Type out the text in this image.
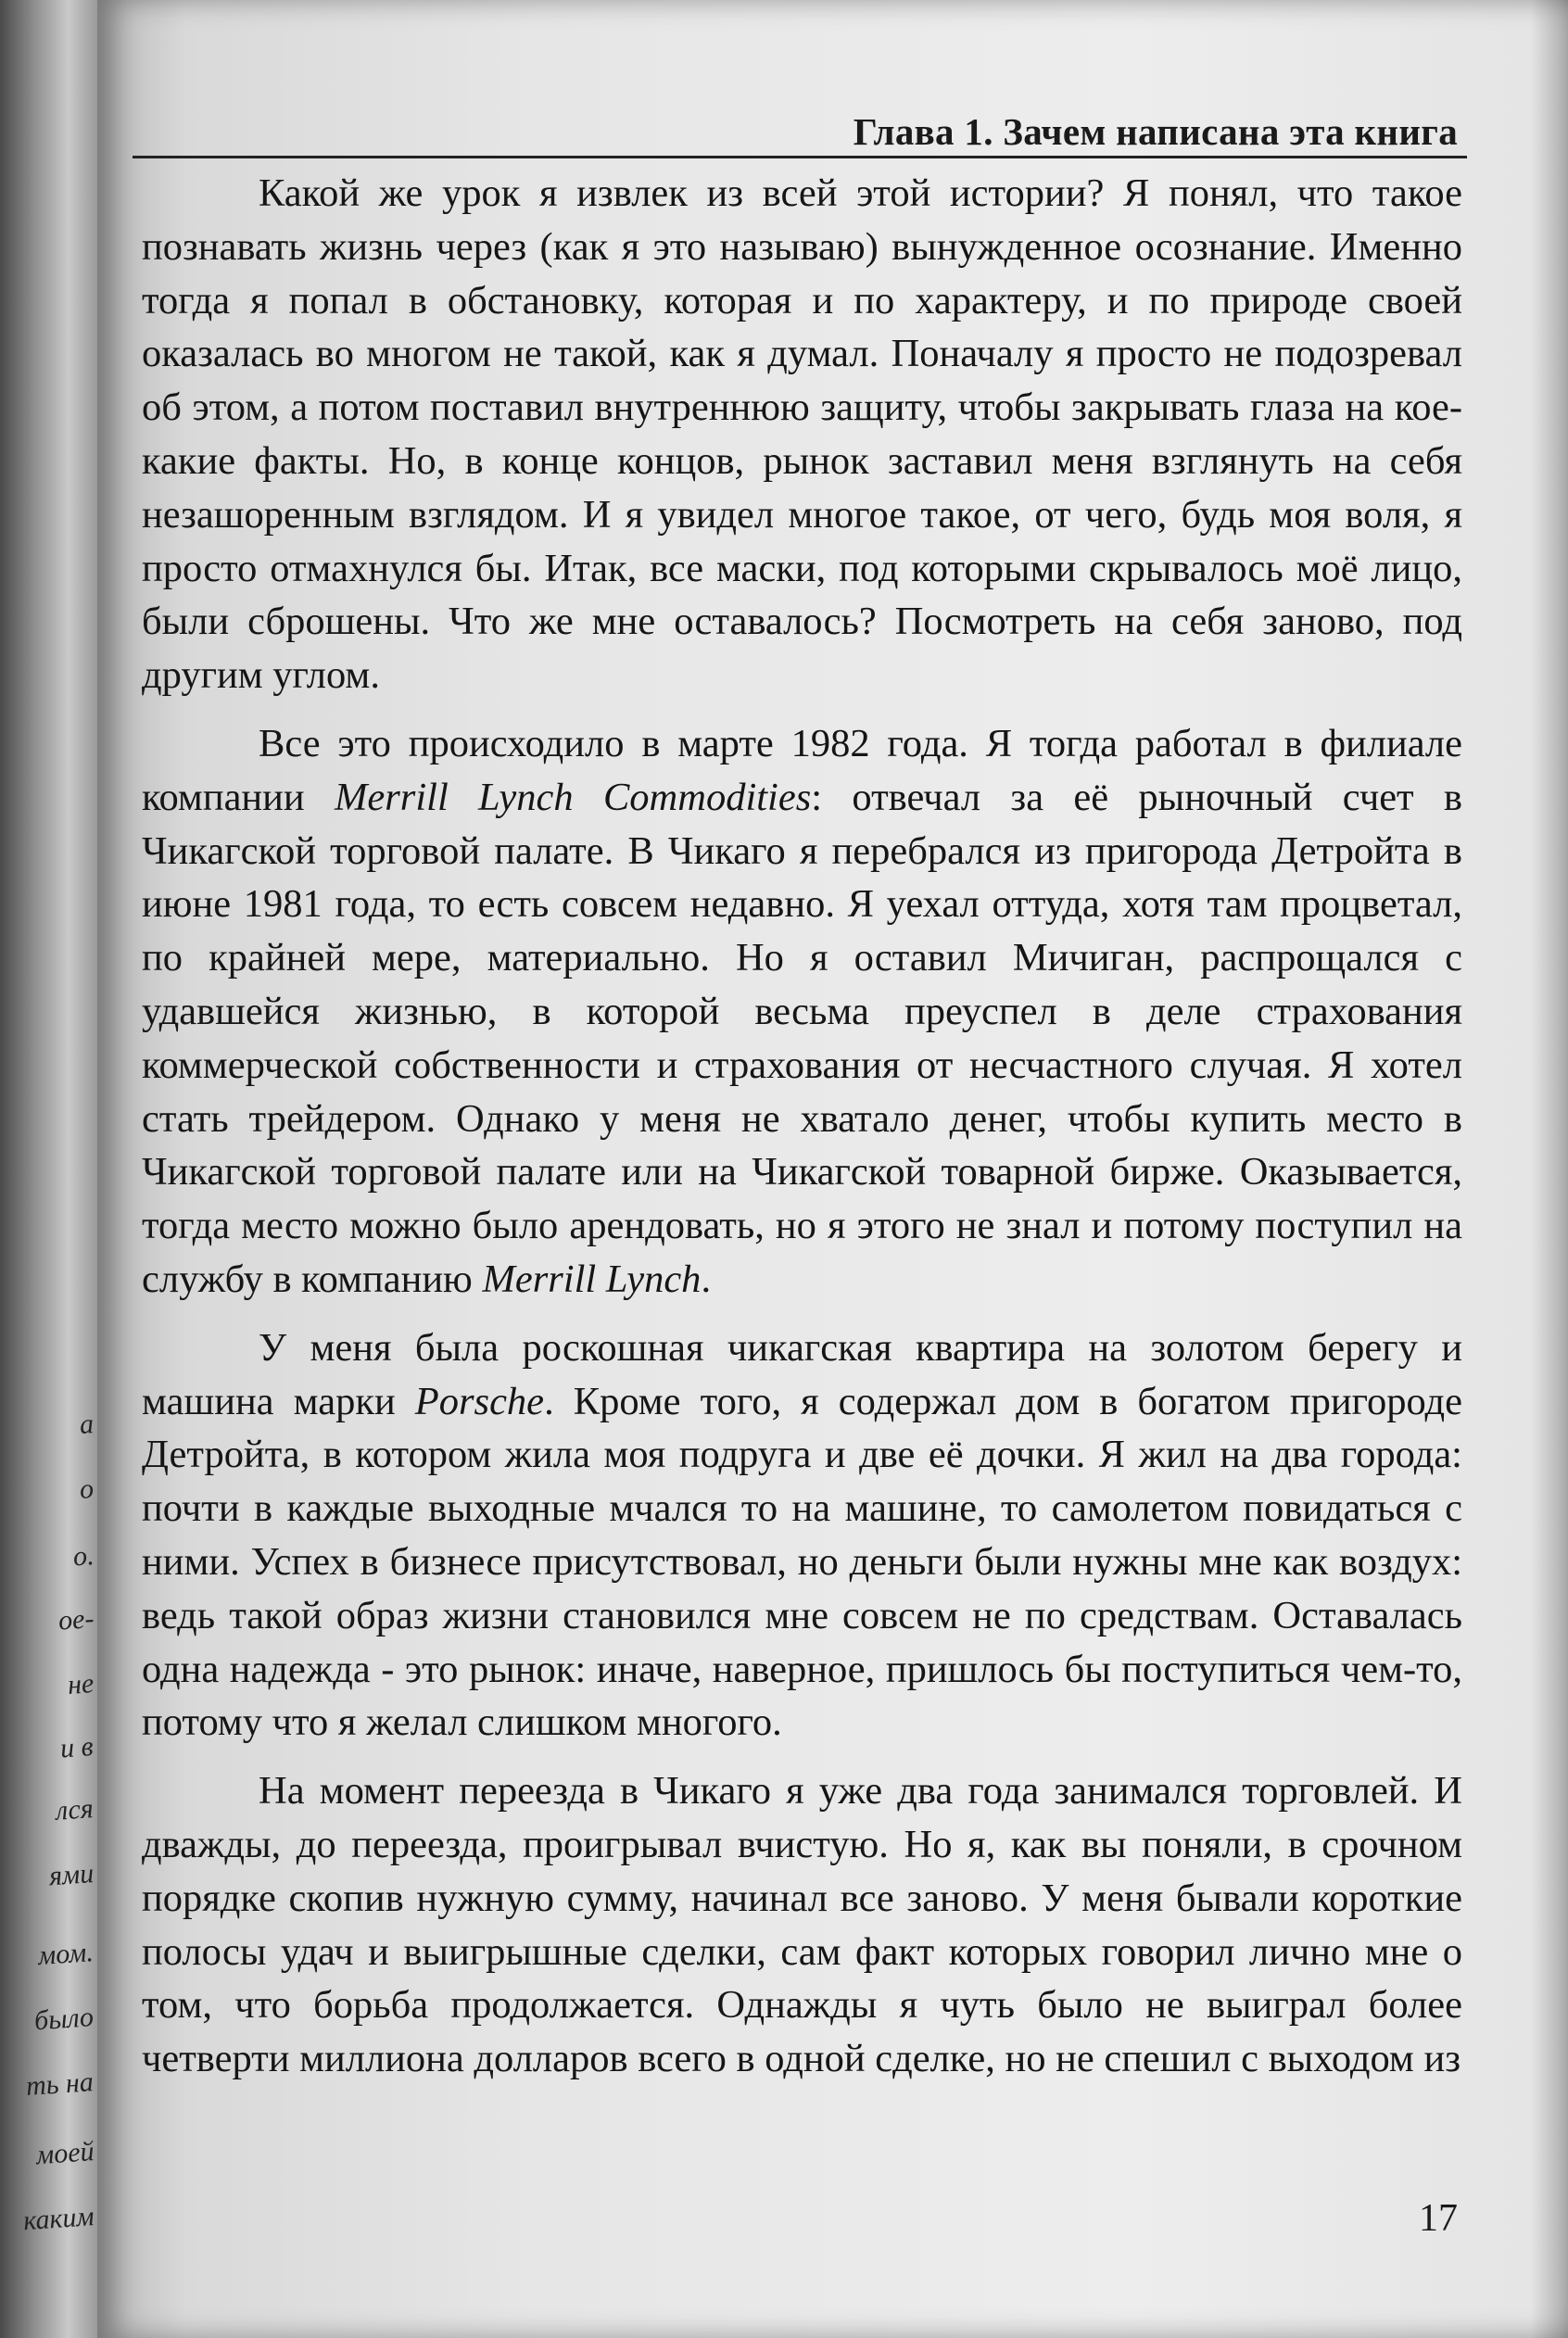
а
о
о.
ое-
не
и в
лся
ями
мом.
было
ть на
моей
каким
Глава 1. Зачем написана эта книга

Какой же урок я извлек из всей этой истории? Я понял, что такое познавать жизнь через (как я это называю) вынужденное осознание. Именно тогда я попал в обстановку, которая и по характеру, и по природе своей оказалась во многом не такой, как я думал. Поначалу я просто не подозревал об этом, а потом поставил внутреннюю защиту, чтобы закрывать глаза на кое-какие факты. Но, в конце концов, рынок заставил меня взглянуть на себя незашоренным взглядом. И я увидел многое такое, от чего, будь моя воля, я просто отмахнулся бы. Итак, все маски, под которыми скрывалось моё лицо, были сброшены. Что же мне оставалось? Посмотреть на себя заново, под другим углом.

Все это происходило в марте 1982 года. Я тогда работал в филиале компании Merrill Lynch Commodities: отвечал за её рыночный счет в Чикагской торговой палате. В Чикаго я перебрался из пригорода Детройта в июне 1981 года, то есть совсем недавно. Я уехал оттуда, хотя там процветал, по крайней мере, материально. Но я оставил Мичиган, распрощался с удавшейся жизнью, в которой весьма преуспел в деле страхования коммерческой собственности и страхования от несчастного случая. Я хотел стать трейдером. Однако у меня не хватало денег, чтобы купить место в Чикагской торговой палате или на Чикагской товарной бирже. Оказывается, тогда место можно было арендовать, но я этого не знал и потому поступил на службу в компанию Merrill Lynch.

У меня была роскошная чикагская квартира на золотом берегу и машина марки Porsche. Кроме того, я содержал дом в богатом пригороде Детройта, в котором жила моя подруга и две её дочки. Я жил на два города: почти в каждые выходные мчался то на машине, то самолетом повидаться с ними. Успех в бизнесе присутствовал, но деньги были нужны мне как воздух: ведь такой образ жизни становился мне совсем не по средствам. Оставалась одна надежда - это рынок: иначе, наверное, пришлось бы поступиться чем-то, потому что я желал слишком многого.

На момент переезда в Чикаго я уже два года занимался торговлей. И дважды, до переезда, проигрывал вчистую. Но я, как вы поняли, в срочном порядке скопив нужную сумму, начинал все заново. У меня бывали короткие полосы удач и выигрышные сделки, сам факт которых говорил лично мне о том, что борьба продолжается. Однажды я чуть было не выиграл более четверти миллиона долларов всего в одной сделке, но не спешил с выходом из

17
